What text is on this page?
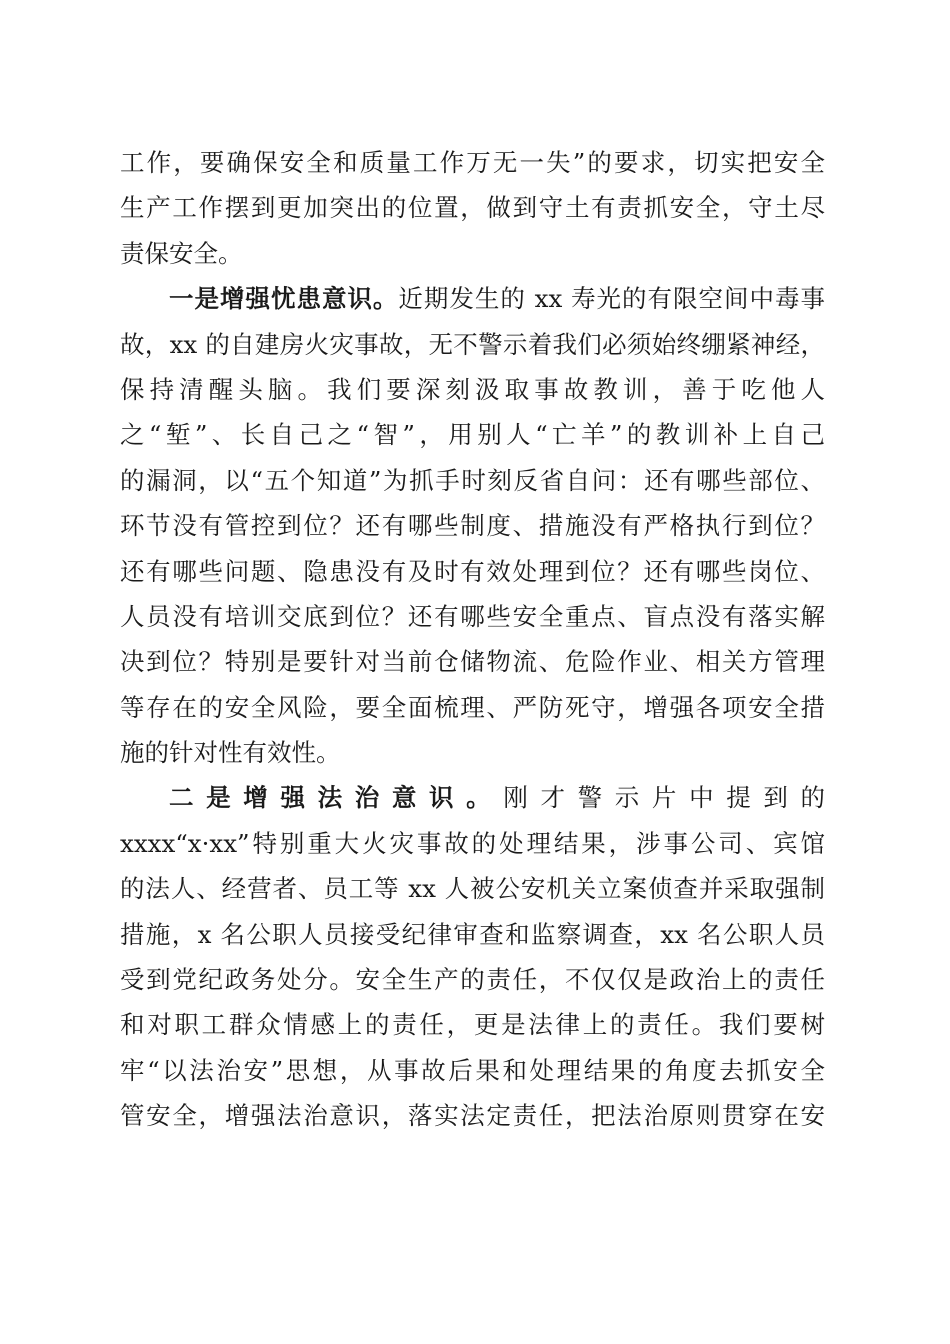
工作，要确保安全和质量工作万无一失”的要求，切实把安全
生产工作摆到更加突出的位置，做到守土有责抓安全，守土尽
责保安全。
一是增强忧患意识。近期发生的 xx 寿光的有限空间中毒事
故，xx 的自建房火灾事故，无不警示着我们必须始终绷紧神经，
保持清醒头脑。我们要深刻汲取事故教训，善于吃他人
之“堑”、长自己之“智”，用别人“亡羊”的教训补上自己
的漏洞，以“五个知道”为抓手时刻反省自问：还有哪些部位、
环节没有管控到位？还有哪些制度、措施没有严格执行到位？
还有哪些问题、隐患没有及时有效处理到位？还有哪些岗位、
人员没有培训交底到位？还有哪些安全重点、盲点没有落实解
决到位？特别是要针对当前仓储物流、危险作业、相关方管理
等存在的安全风险，要全面梳理、严防死守，增强各项安全措
施的针对性有效性。
二是增强法治意识。刚才警示片中提到的
xxxx“x·xx”特别重大火灾事故的处理结果，涉事公司、宾馆
的法人、经营者、员工等 xx 人被公安机关立案侦查并采取强制
措施，x 名公职人员接受纪律审查和监察调查，xx 名公职人员
受到党纪政务处分。安全生产的责任，不仅仅是政治上的责任
和对职工群众情感上的责任，更是法律上的责任。我们要树
牢“以法治安”思想，从事故后果和处理结果的角度去抓安全
管安全，增强法治意识，落实法定责任，把法治原则贯穿在安
